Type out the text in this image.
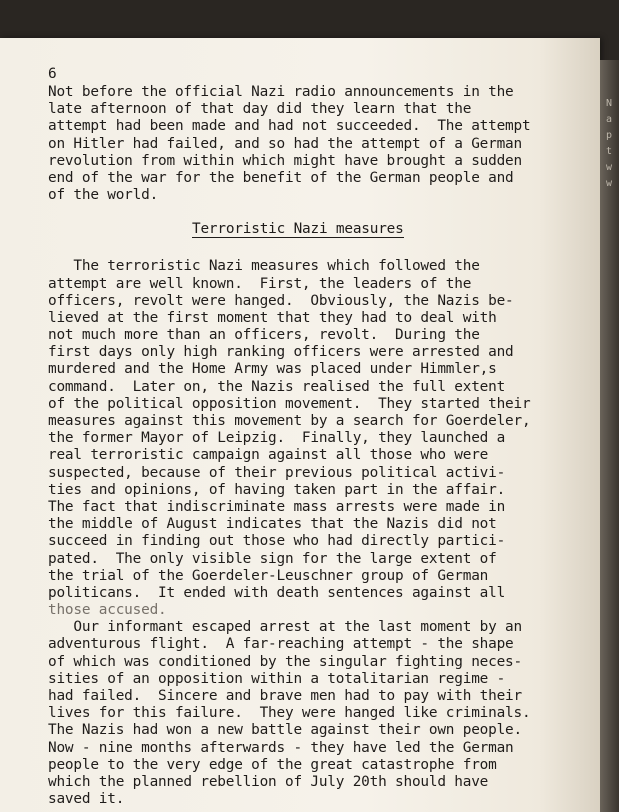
6
Not before the official Nazi radio announcements in the
late afternoon of that day did they learn that the
attempt had been made and had not succeeded.  The attempt
on Hitler had failed, and so had the attempt of a German
revolution from within which might have brought a sudden
end of the war for the benefit of the German people and
of the world.
Terroristic Nazi measures
The terroristic Nazi measures which followed the
attempt are well known.  First, the leaders of the
officers, revolt were hanged.  Obviously, the Nazis be-
lieved at the first moment that they had to deal with
not much more than an officers, revolt.  During the
first days only high ranking officers were arrested and
murdered and the Home Army was placed under Himmler,s
command.  Later on, the Nazis realised the full extent
of the political opposition movement.  They started their
measures against this movement by a search for Goerdeler,
the former Mayor of Leipzig.  Finally, they launched a
real terroristic campaign against all those who were
suspected, because of their previous political activi-
ties and opinions, of having taken part in the affair.
The fact that indiscriminate mass arrests were made in
the middle of August indicates that the Nazis did not
succeed in finding out those who had directly partici-
pated.  The only visible sign for the large extent of
the trial of the Goerdeler-Leuschner group of German
politicans.  It ended with death sentences against all
those accused.
Our informant escaped arrest at the last moment by an
adventurous flight.  A far-reaching attempt - the shape
of which was conditioned by the singular fighting neces-
sities of an opposition within a totalitarian regime -
had failed.  Sincere and brave men had to pay with their
lives for this failure.  They were hanged like criminals.
The Nazis had won a new battle against their own people.
Now - nine months afterwards - they have led the German
people to the very edge of the great catastrophe from
which the planned rebellion of July 20th should have
saved it.
N
a
p
t
w
w
